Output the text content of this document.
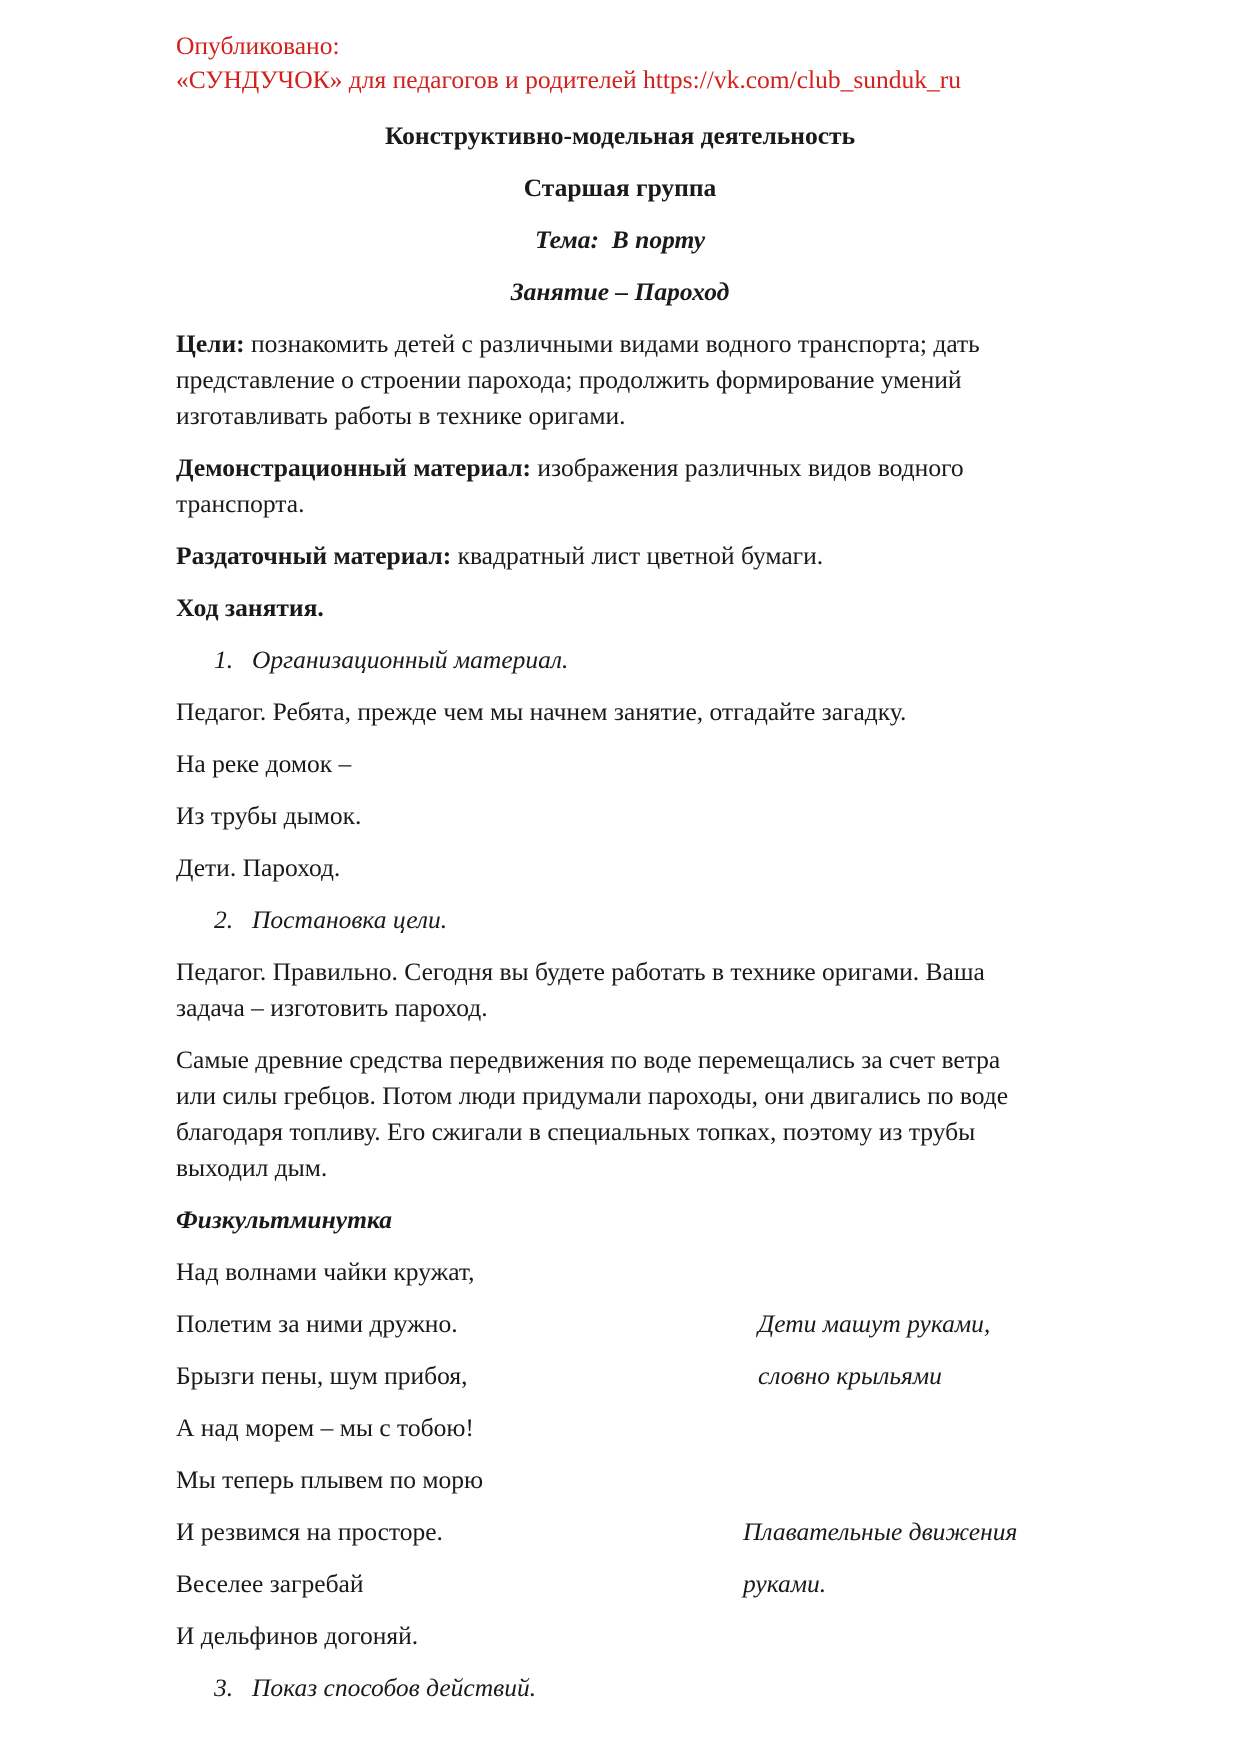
Опубликовано:

«СУНДУЧОК» для педагогов и родителей https://vk.com/club_sunduk_ru

Конструктивно-модельная деятельность

Старшая группа

Тема:  В порту

Занятие – Пароход

Цели: познакомить детей с различными видами водного транспорта; дать

представление о строении парохода; продолжить формирование умений

изготавливать работы в технике оригами.

Демонстрационный материал: изображения различных видов водного

транспорта.

Раздаточный материал: квадратный лист цветной бумаги.

Ход занятия.

1. Организационный материал.

Педагог. Ребята, прежде чем мы начнем занятие, отгадайте загадку.

На реке домок –

Из трубы дымок.

Дети. Пароход.

2. Постановка цели.

Педагог. Правильно. Сегодня вы будете работать в технике оригами. Ваша

задача – изготовить пароход.

Самые древние средства передвижения по воде перемещались за счет ветра

или силы гребцов. Потом люди придумали пароходы, они двигались по воде

благодаря топливу. Его сжигали в специальных топках, поэтому из трубы

выходил дым.

Физкультминутка

Над волнами чайки кружат,

Полетим за ними дружно.	Дети машут руками,

Брызги пены, шум прибоя,	словно крыльями

А над морем – мы с тобою!

Мы теперь плывем по морю

И резвимся на просторе.	Плавательные движения

Веселее загребай	руками.

И дельфинов догоняй.

3. Показ способов действий.
